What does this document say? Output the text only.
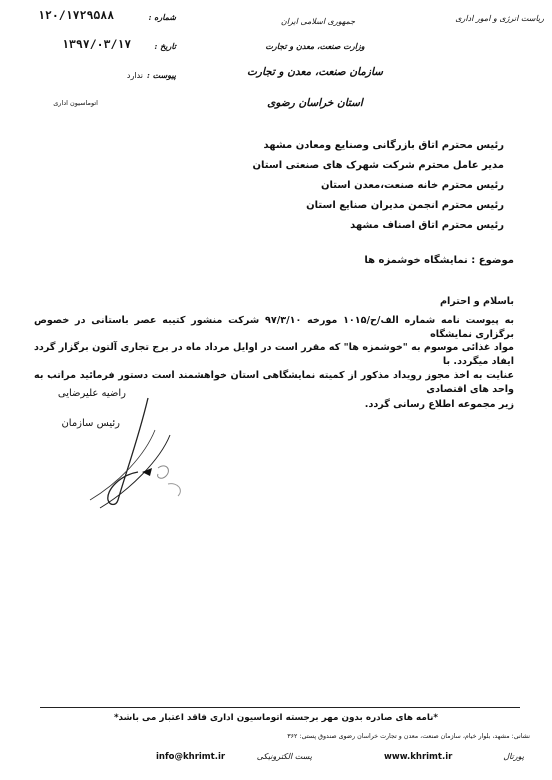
ریاست انرژی و امور اداری
جمهوری اسلامی ایران
وزارت صنعت، معدن و تجارت
سازمان صنعت، معدن و تجارت
استان خراسان رضوی
شماره :
۱۲۰/۱۷۲۹۵۸۸
تاریخ :
۱۳۹۷/۰۳/۱۷
پیوست :
ندارد
اتوماسیون اداری
رئیس محترم اتاق بازرگانی وصنایع ومعادن مشهد
مدیر عامل محترم شرکت شهرک های صنعتی استان
رئیس محترم خانه صنعت،معدن استان
رئیس محترم انجمن مدیران صنایع استان
رئیس محترم اتاق اصناف مشهد
موضوع : نمایشگاه خوشمزه ها
باسلام و احترام
به پیوست نامه شماره الف/ح/۱۰۱۵ مورخه ۹۷/۳/۱۰ شرکت منشور کتیبه عصر باستانی در خصوص برگزاری نمایشگاه
مواد غذائی موسوم به "خوشمزه ها" که مقرر است در اوایل مرداد ماه در برج تجاری آلتون برگزار گردد ایفاد میگردد. با
عنایت به اخذ مجوز رویداد مذکور از کمیته نمایشگاهی استان خواهشمند است دستور فرمائید مراتب به واحد های اقتصادی
زیر مجموعه اطلاع رسانی گردد.
راضیه علیرضایی
رئیس سازمان
*نامه های صادره بدون مهر برجسته اتوماسیون اداری فاقد اعتبار می باشد*
نشانی: مشهد، بلوار خیام، سازمان صنعت، معدن و تجارت خراسان رضوی صندوق پستی: ۳۶۲
پورتال
www.khrimt.ir
پست الکترونیکی
info@khrimt.ir
